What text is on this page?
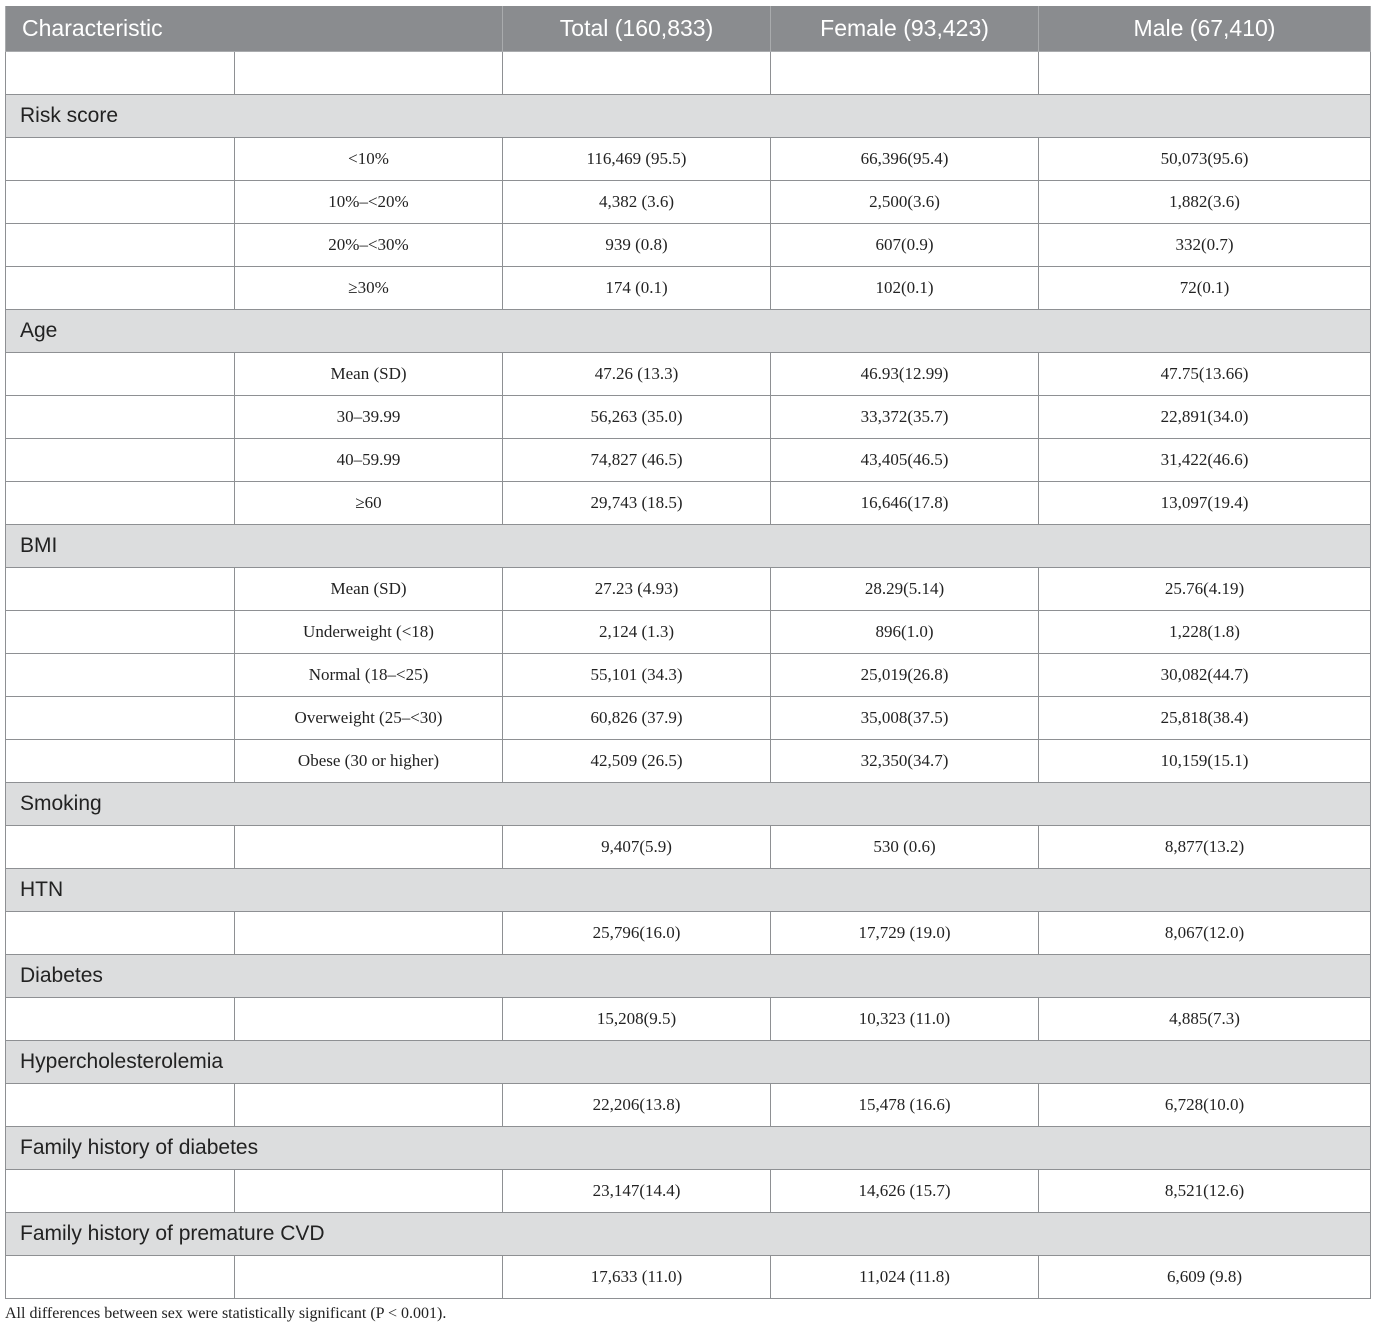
Characteristic		Total (160,833)	Female (93,423)	Male (67,410)

Risk score				
	<10%	116,469 (95.5)	66,396(95.4)	50,073(95.6)
	10%–<20%	4,382 (3.6)	2,500(3.6)	1,882(3.6)
	20%–<30%	939 (0.8)	607(0.9)	332(0.7)
	≥30%	174 (0.1)	102(0.1)	72(0.1)
Age				
	Mean (SD)	47.26 (13.3)	46.93(12.99)	47.75(13.66)
	30–39.99	56,263 (35.0)	33,372(35.7)	22,891(34.0)
	40–59.99	74,827 (46.5)	43,405(46.5)	31,422(46.6)
	≥60	29,743 (18.5)	16,646(17.8)	13,097(19.4)
BMI				
	Mean (SD)	27.23 (4.93)	28.29(5.14)	25.76(4.19)
	Underweight (<18)	2,124 (1.3)	896(1.0)	1,228(1.8)
	Normal (18–<25)	55,101 (34.3)	25,019(26.8)	30,082(44.7)
	Overweight (25–<30)	60,826 (37.9)	35,008(37.5)	25,818(38.4)
	Obese (30 or higher)	42,509 (26.5)	32,350(34.7)	10,159(15.1)
Smoking				
		9,407(5.9)	530 (0.6)	8,877(13.2)
HTN				
		25,796(16.0)	17,729 (19.0)	8,067(12.0)
Diabetes				
		15,208(9.5)	10,323 (11.0)	4,885(7.3)
Hypercholesterolemia				
		22,206(13.8)	15,478 (16.6)	6,728(10.0)
Family history of diabetes				
		23,147(14.4)	14,626 (15.7)	8,521(12.6)
Family history of premature CVD				
		17,633 (11.0)	11,024 (11.8)	6,609 (9.8)

All differences between sex were statistically significant (P < 0.001).
